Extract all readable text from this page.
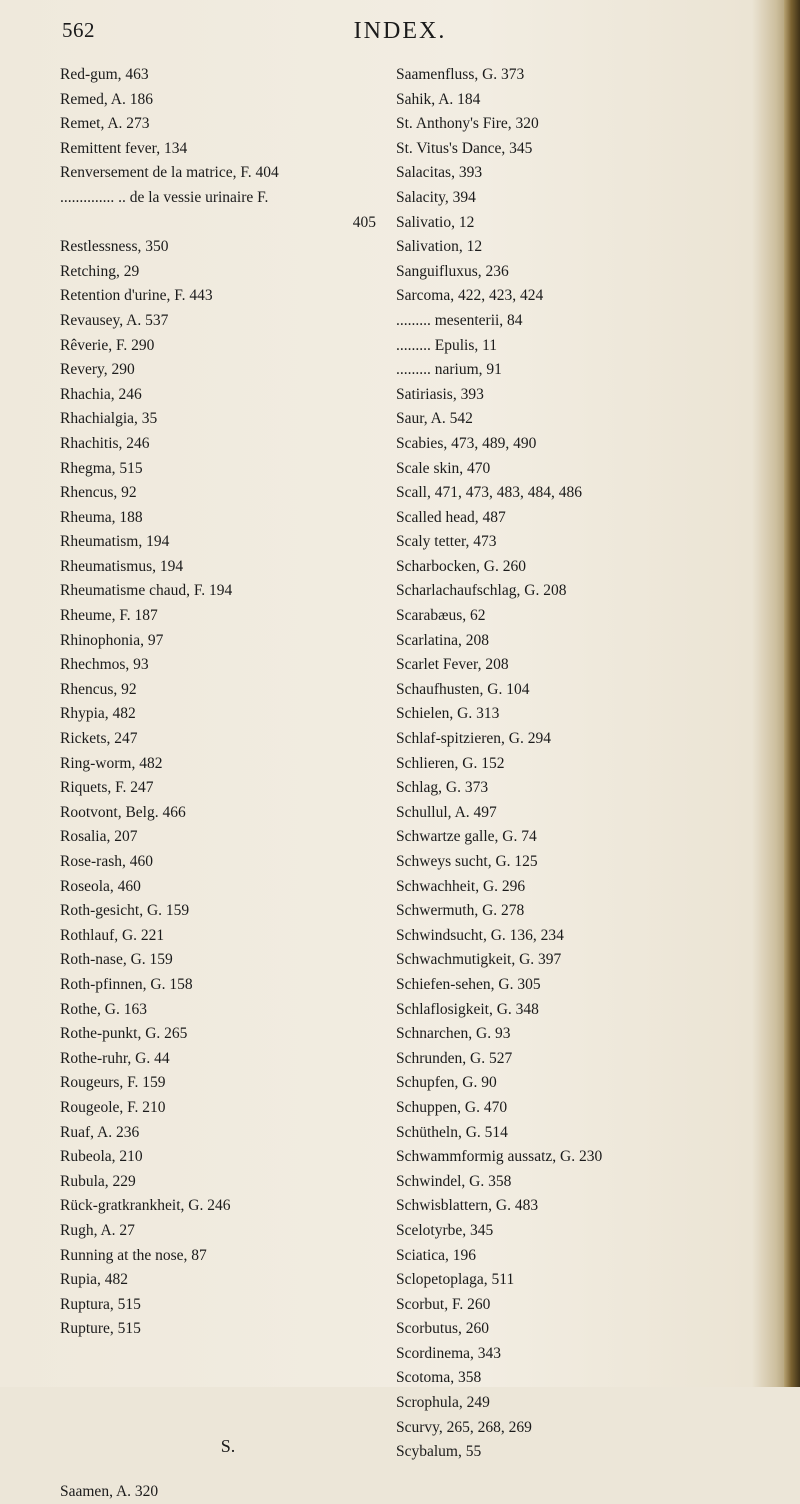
562	INDEX.
Red-gum, 463
Remed, A. 186
Remet, A. 273
Remittent fever, 134
Renversement de la matrice, F. 404
.............. .. de la vessie urinaire F.
405
Restlessness, 350
Retching, 29
Retention d'urine, F. 443
Revausey, A. 537
Rêverie, F. 290
Revery, 290
Rhachia, 246
Rhachialgia, 35
Rhachitis, 246
Rhegma, 515
Rhencus, 92
Rheuma, 188
Rheumatism, 194
Rheumatismus, 194
Rheumatisme chaud, F. 194
Rheume, F. 187
Rhinophonia, 97
Rhechmos, 93
Rhencus, 92
Rhypia, 482
Rickets, 247
Ring-worm, 482
Riquets, F. 247
Rootvont, Belg. 466
Rosalia, 207
Rose-rash, 460
Roseola, 460
Roth-gesicht, G. 159
Rothlauf, G. 221
Roth-nase, G. 159
Roth-pfinnen, G. 158
Rothe, G. 163
Rothe-punkt, G. 265
Rothe-ruhr, G. 44
Rougeurs, F. 159
Rougeole, F. 210
Ruaf, A. 236
Rubeola, 210
Rubula, 229
Rück-gratkrankheit, G. 246
Rugh, A. 27
Running at the nose, 87
Rupia, 482
Ruptura, 515
Rupture, 515
S.
Saamen, A. 320
Saamenfluss, G. 373
Sahik, A. 184
St. Anthony's Fire, 320
St. Vitus's Dance, 345
Salacitas, 393
Salacity, 394
Salivatio, 12
Salivation, 12
Sanguifluxus, 236
Sarcoma, 422, 423, 424
......... mesenterii, 84
......... Epulis, 11
......... narium, 91
Satiriasis, 393
Saur, A. 542
Scabies, 473, 489, 490
Scale skin, 470
Scall, 471, 473, 483, 484, 486
Scalled head, 487
Scaly tetter, 473
Scharbocken, G. 260
Scharlachaufschlag, G. 208
Scarabæus, 62
Scarlatina, 208
Scarlet Fever, 208
Schaufhusten, G. 104
Schielen, G. 313
Schlaf-spitzieren, G. 294
Schlieren, G. 152
Schlag, G. 373
Schullul, A. 497
Schwartze galle, G. 74
Schweys sucht, G. 125
Schwachheit, G. 296
Schwermuth, G. 278
Schwindsucht, G. 136, 234
Schwachmutigkeit, G. 397
Schiefen-sehen, G. 305
Schlaflosigkeit, G. 348
Schnarchen, G. 93
Schrunden, G. 527
Schupfen, G. 90
Schuppen, G. 470
Schütheln, G. 514
Schwammformig aussatz, G. 230
Schwindel, G. 358
Schwisblattern, G. 483
Scelotyrbe, 345
Sciatica, 196
Sclopetoplaga, 511
Scorbut, F. 260
Scorbutus, 260
Scordinema, 343
Scotoma, 358
Scrophula, 249
Scurvy, 265, 268, 269
Scybalum, 55
